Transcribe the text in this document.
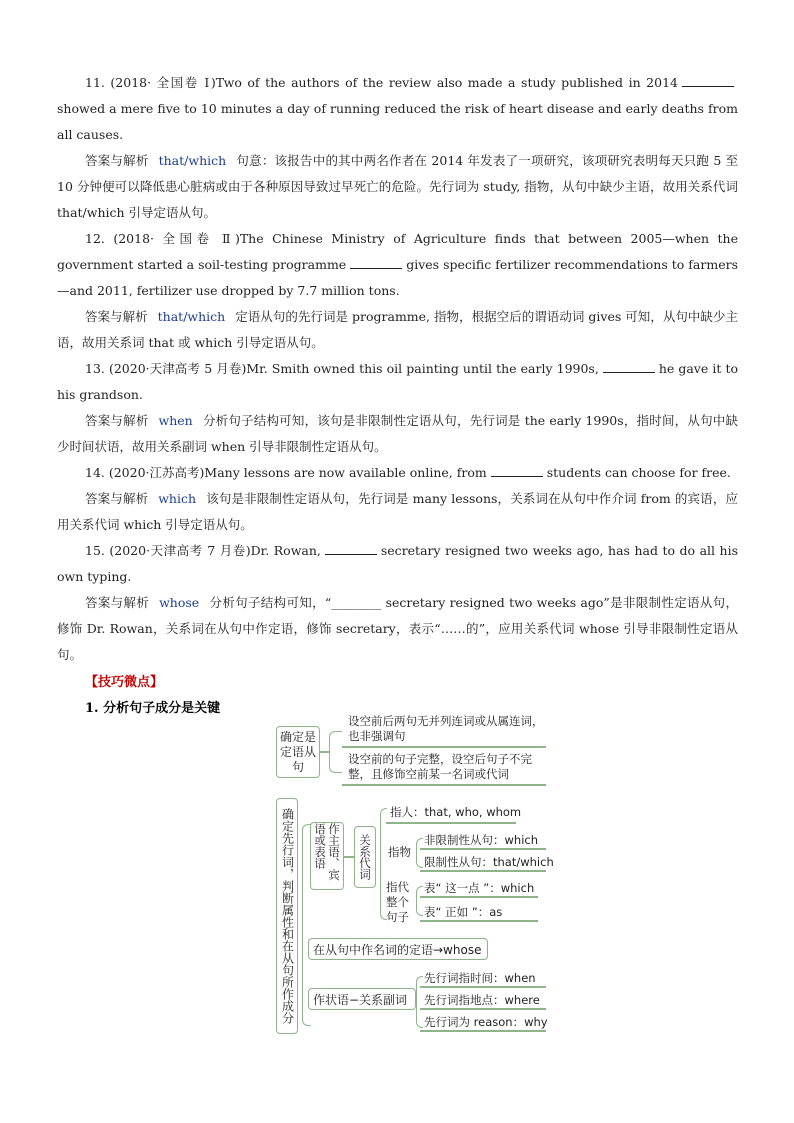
11. (2018· 全国卷 Ⅰ)Two of the authors of the review also made a study published in 2014showed a mere five to 10 minutes a day of running reduced the risk of heart disease and early deaths from all causes.

答案与解析 that/which 句意：该报告中的其中两名作者在 2014 年发表了一项研究，该项研究表明每天只跑 5 至 10 分钟便可以降低患心脏病或由于各种原因导致过早死亡的危险。先行词为 study, 指物，从句中缺少主语，故用关系代词 that/which 引导定语从句。

12. (2018· 全国卷 Ⅱ)The Chinese Ministry of Agriculture finds that between 2005—when the government started a soil-testing programme	gives specific fertilizer recommendations to farmers—and 2011, fertilizer use dropped by 7.7 million tons.

答案与解析 that/which 定语从句的先行词是 programme, 指物，根据空后的谓语动词 gives 可知，从句中缺少主语，故用关系词 that 或 which 引导定语从句。

13. (2020·天津高考 5 月卷)Mr. Smith owned this oil painting until the early 1990s,	he gave it to his grandson.

答案与解析 when 分析句子结构可知，该句是非限制性定语从句，先行词是 the early 1990s，指时间，从句中缺少时间状语，故用关系副词 when 引导非限制性定语从句。

14. (2020·江苏高考)Many lessons are now available online, from	students can choose for free.

答案与解析 which 该句是非限制性定语从句，先行词是 many lessons，关系词在从句中作介词 from 的宾语，应用关系代词 which 引导定语从句。

15. (2020·天津高考 7 月卷)Dr. Rowan,	secretary resigned two weeks ago, has had to do all his own typing.

答案与解析 whose 分析句子结构可知，“________ secretary resigned two weeks ago”是非限制性定语从句，修饰 Dr. Rowan，关系词在从句中作定语，修饰 secretary，表示“……的”，应用关系代词 whose 引导非限制性定语从句。

【技巧微点】
1. 分析句子成分是关键
确定是定语从句
设空前后两句无并列连词或从属连词，也非强调句
设空前的句子完整，设空后句子不完整，且修饰空前某一名词或代词
确定先行词，判断属性和在从句所作成分	作主语、宾语或表语	关系代词
指人：that, who, whom
指物
非限制性从句：which
限制性从句：that/which
指代整个句子
表“ 这一点 ”：which
表“ 正如 ”：as
在从句中作名词的定语→whose
作状语−关系副词
先行词指时间：when
先行词指地点：where
先行词为 reason：why
